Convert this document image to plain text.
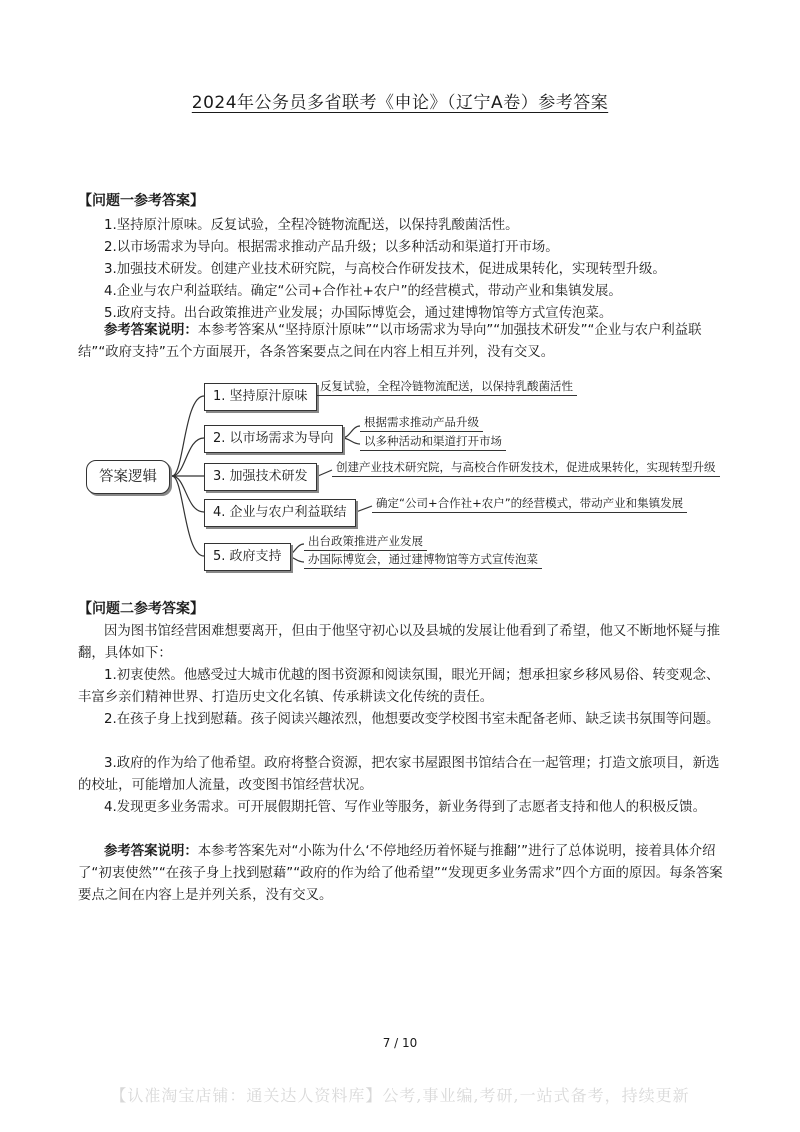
2024年公务员多省联考《申论》（辽宁A卷）参考答案
【问题一参考答案】
1.坚持原汁原味。反复试验，全程冷链物流配送，以保持乳酸菌活性。
2.以市场需求为导向。根据需求推动产品升级；以多种活动和渠道打开市场。
3.加强技术研发。创建产业技术研究院，与高校合作研发技术，促进成果转化，实现转型升级。
4.企业与农户利益联结。确定“公司+合作社+农户”的经营模式，带动产业和集镇发展。
5.政府支持。出台政策推进产业发展；办国际博览会，通过建博物馆等方式宣传泡菜。
参考答案说明：本参考答案从“坚持原汁原味”“以市场需求为导向”“加强技术研发”“企业与农户利益联结”“政府支持”五个方面展开，各条答案要点之间在内容上相互并列，没有交叉。
答案逻辑
1. 坚持原汁原味
反复试验，全程冷链物流配送，以保持乳酸菌活性
2. 以市场需求为导向
根据需求推动产品升级
以多种活动和渠道打开市场
3. 加强技术研发
创建产业技术研究院，与高校合作研发技术，促进成果转化，实现转型升级
4. 企业与农户利益联结
确定“公司+合作社+农户”的经营模式，带动产业和集镇发展
5. 政府支持
出台政策推进产业发展
办国际博览会，通过建博物馆等方式宣传泡菜
【问题二参考答案】
因为图书馆经营困难想要离开，但由于他坚守初心以及县城的发展让他看到了希望，他又不断地怀疑与推翻，具体如下：
1.初衷使然。他感受过大城市优越的图书资源和阅读氛围，眼光开阔；想承担家乡移风易俗、转变观念、丰富乡亲们精神世界、打造历史文化名镇、传承耕读文化传统的责任。
2.在孩子身上找到慰藉。孩子阅读兴趣浓烈，他想要改变学校图书室未配备老师、缺乏读书氛围等问题。
3.政府的作为给了他希望。政府将整合资源，把农家书屋跟图书馆结合在一起管理；打造文旅项目，新选的校址，可能增加人流量，改变图书馆经营状况。
4.发现更多业务需求。可开展假期托管、写作业等服务，新业务得到了志愿者支持和他人的积极反馈。
参考答案说明：本参考答案先对“小陈为什么‘不停地经历着怀疑与推翻’”进行了总体说明，接着具体介绍了“初衷使然”“在孩子身上找到慰藉”“政府的作为给了他希望”“发现更多业务需求”四个方面的原因。每条答案要点之间在内容上是并列关系，没有交叉。
7 / 10
【认准淘宝店铺：通关达人资料库】公考,事业编,考研,一站式备考，持续更新
